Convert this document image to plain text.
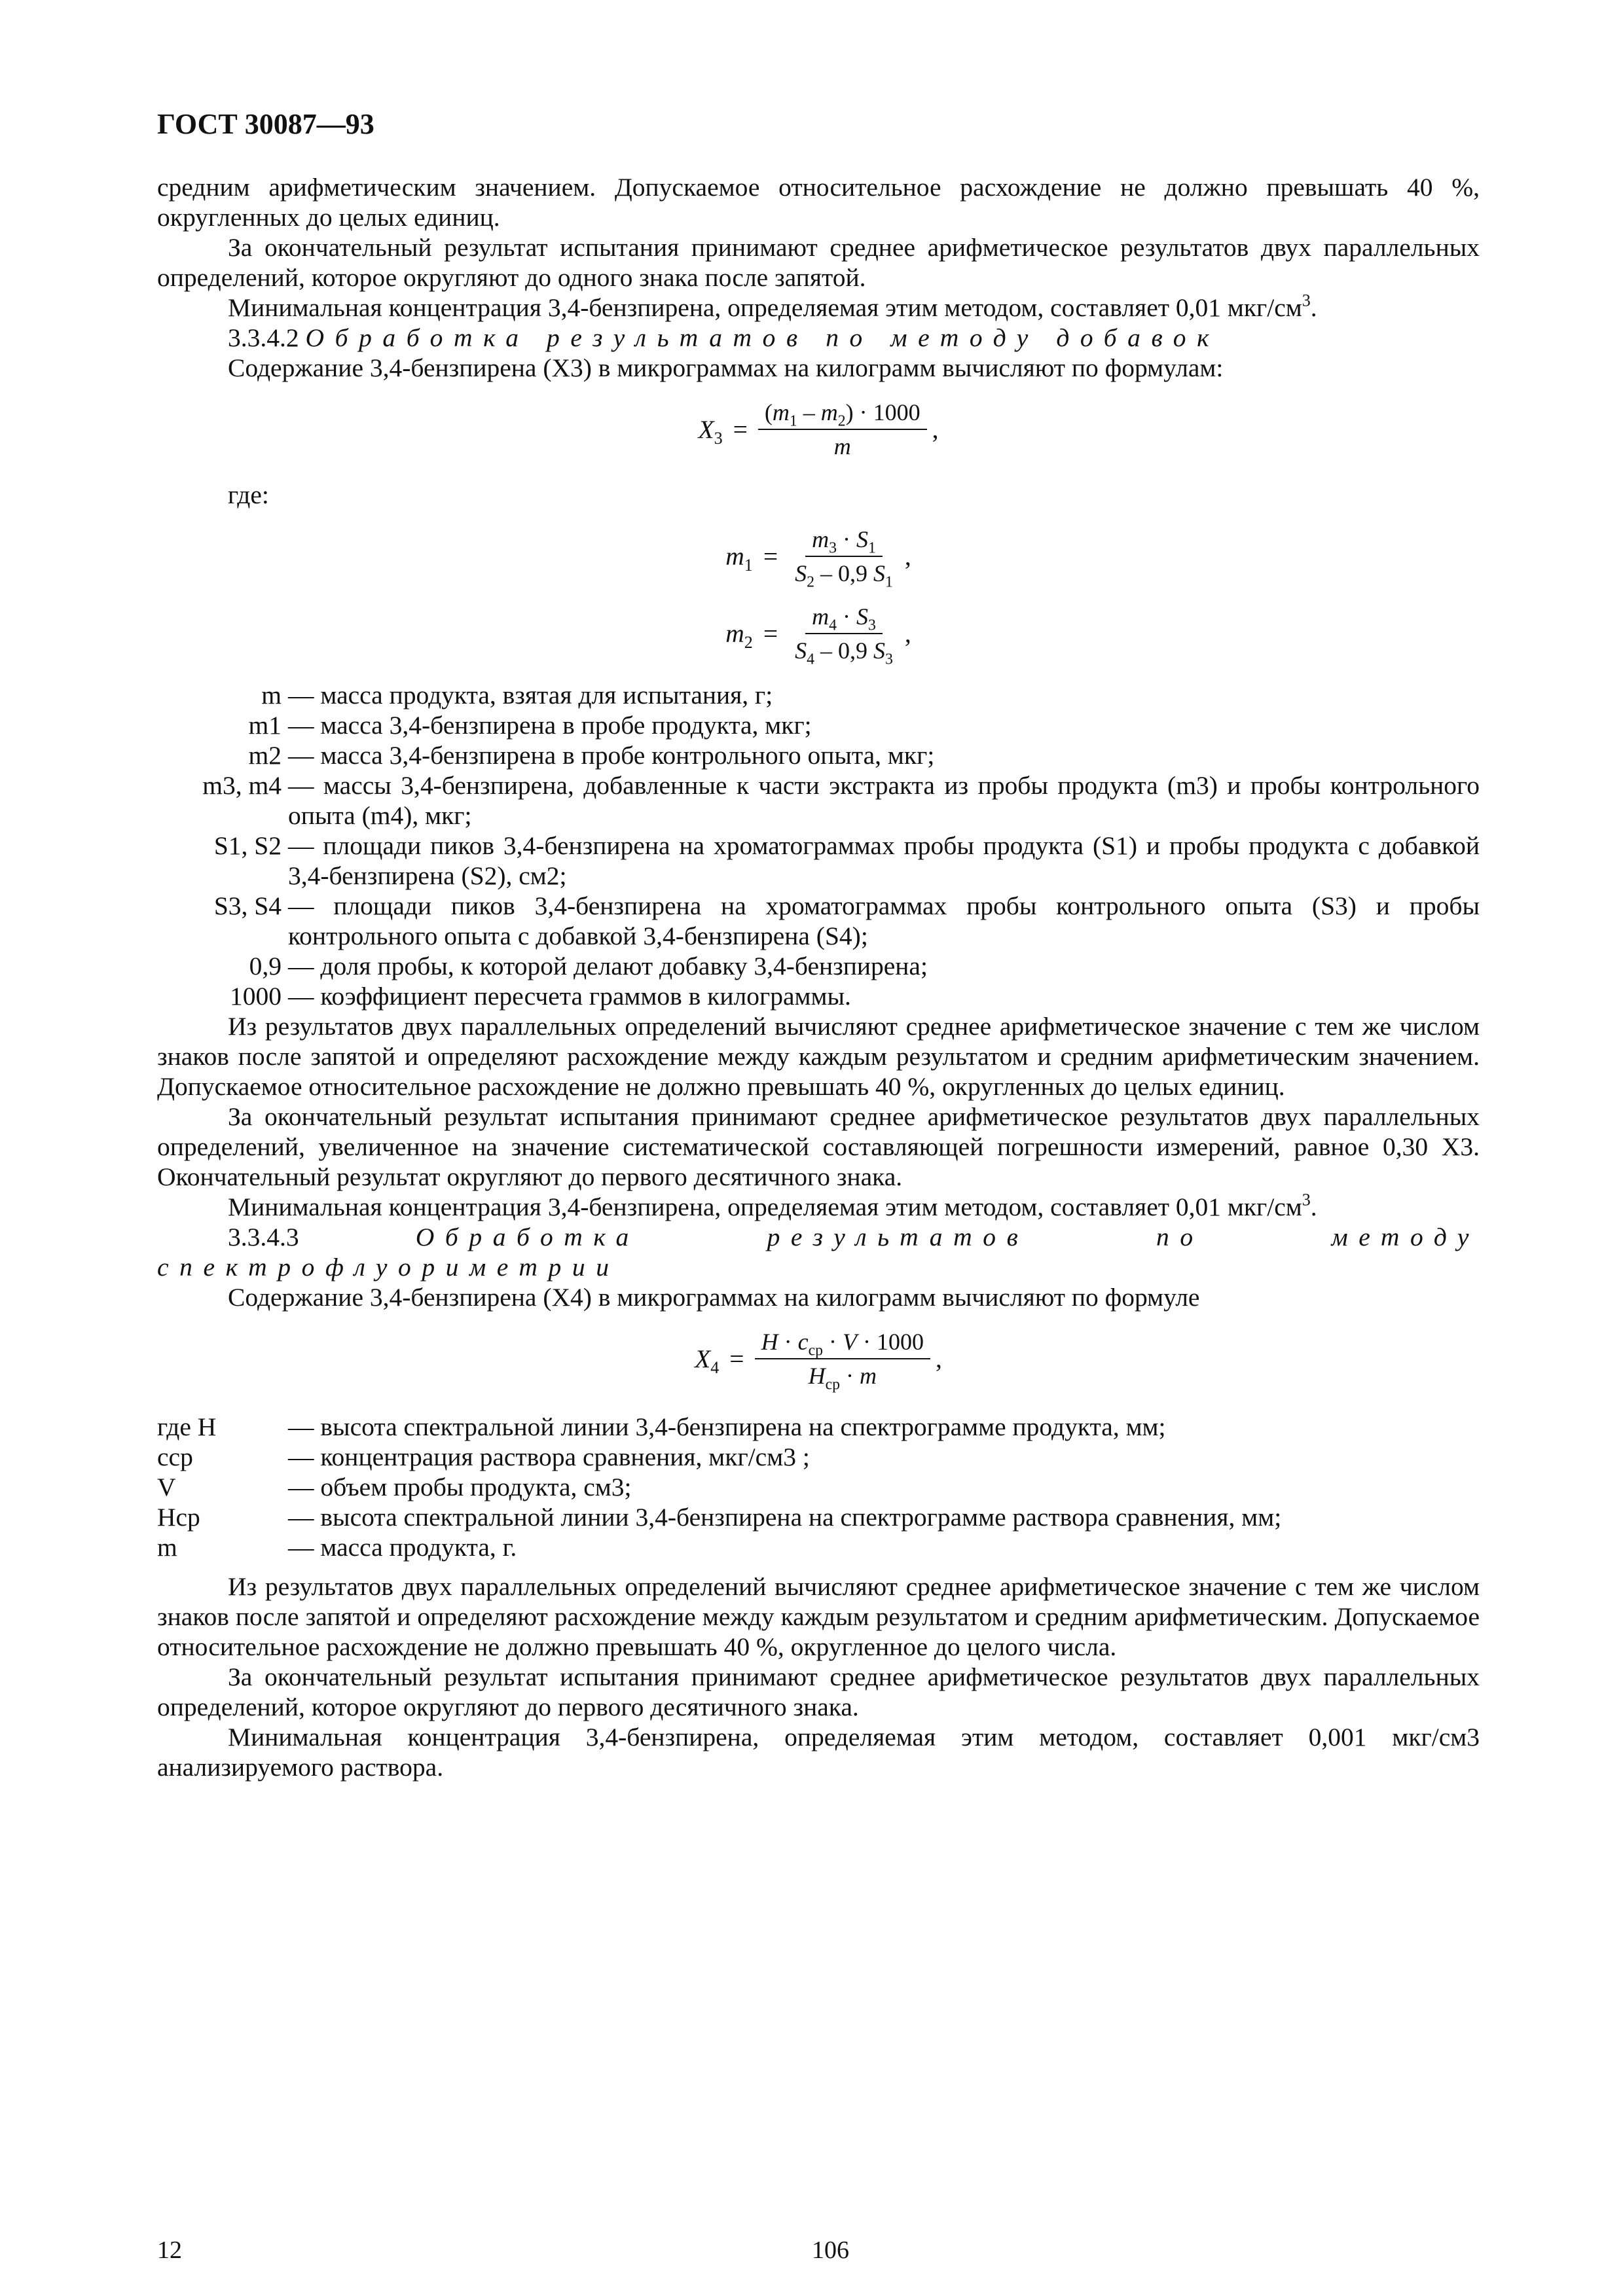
ГОСТ 30087—93

средним арифметическим значением. Допускаемое относительное расхождение не должно превышать 40 %, округленных до целых единиц.

За окончательный результат испытания принимают среднее арифметическое результатов двух параллельных определений, которое округляют до одного знака после запятой.

Минимальная концентрация 3,4-бензпирена, определяемая этим методом, составляет 0,01 мкг/$см^3$.

3.3.4.2 Обработка результатов по методу добавок

Содержание 3,4-бензпирена (X3) в микрограммах на килограмм вычисляют по формулам:

$X_3 = \frac{(m_1 - m_2) \cdot 1000}{m}$ ,
где:
$m_1 = \frac{m_3 \cdot S_1}{S_2 - 0,9 S_1}$ ,
$m_2 = \frac{m_4 \cdot S_3}{S_4 - 0,9 S_3}$ ,
m — масса продукта, взятая для испытания, г;
m1 — масса 3,4-бензпирена в пробе продукта, мкг;
m2 — масса 3,4-бензпирена в пробе контрольного опыта, мкг;
m3, m4 — массы 3,4-бензпирена, добавленные к части экстракта из пробы продукта (m3) и пробы контрольного опыта (m4), мкг;
S1, S2 — площади пиков 3,4-бензпирена на хроматограммах пробы продукта (S1) и пробы продукта с добавкой 3,4-бензпирена (S2), см2;
S3, S4 — площади пиков 3,4-бензпирена на хроматограммах пробы контрольного опыта (S3) и пробы контрольного опыта с добавкой 3,4-бензпирена (S4);
0,9 — доля пробы, к которой делают добавку 3,4-бензпирена;
1000 — коэффициент пересчета граммов в килограммы.

Из результатов двух параллельных определений вычисляют среднее арифметическое значение с тем же числом знаков после запятой и определяют расхождение между каждым результатом и средним арифметическим значением. Допускаемое относительное расхождение не должно превышать 40 %, округленных до целых единиц.

За окончательный результат испытания принимают среднее арифметическое результатов двух параллельных определений, увеличенное на значение систематической составляющей погрешности измерений, равное 0,30 X3. Окончательный результат округляют до первого десятичного знака.

Минимальная концентрация 3,4-бензпирена, определяемая этим методом, составляет 0,01 мкг/$см^3$.

3.3.4.3	Обработка результатов по методу спектрофлуориметрии

Содержание 3,4-бензпирена (X4) в микрограммах на килограмм вычисляют по формуле

$X_4 = \frac{H \cdot c_{ср} \cdot V \cdot 1000}{H_{ср} \cdot m}$ ,
где H	— высота спектральной линии 3,4-бензпирена на спектрограмме продукта, мм;
cср	— концентрация раствора сравнения, мкг/см3 ;
V	— объем пробы продукта, см3;
Hср	— высота спектральной линии 3,4-бензпирена на спектрограмме раствора сравнения, мм;
m	— масса продукта, г.

Из результатов двух параллельных определений вычисляют среднее арифметическое значение с тем же числом знаков после запятой и определяют расхождение между каждым результатом и средним арифметическим. Допускаемое относительное расхождение не должно превышать 40 %, округленное до целого числа.

За окончательный результат испытания принимают среднее арифметическое результатов двух параллельных определений, которое округляют до первого десятичного знака.

Минимальная концентрация 3,4-бензпирена, определяемая этим методом, составляет 0,001 мкг/см3 анализируемого раствора.

12	106
